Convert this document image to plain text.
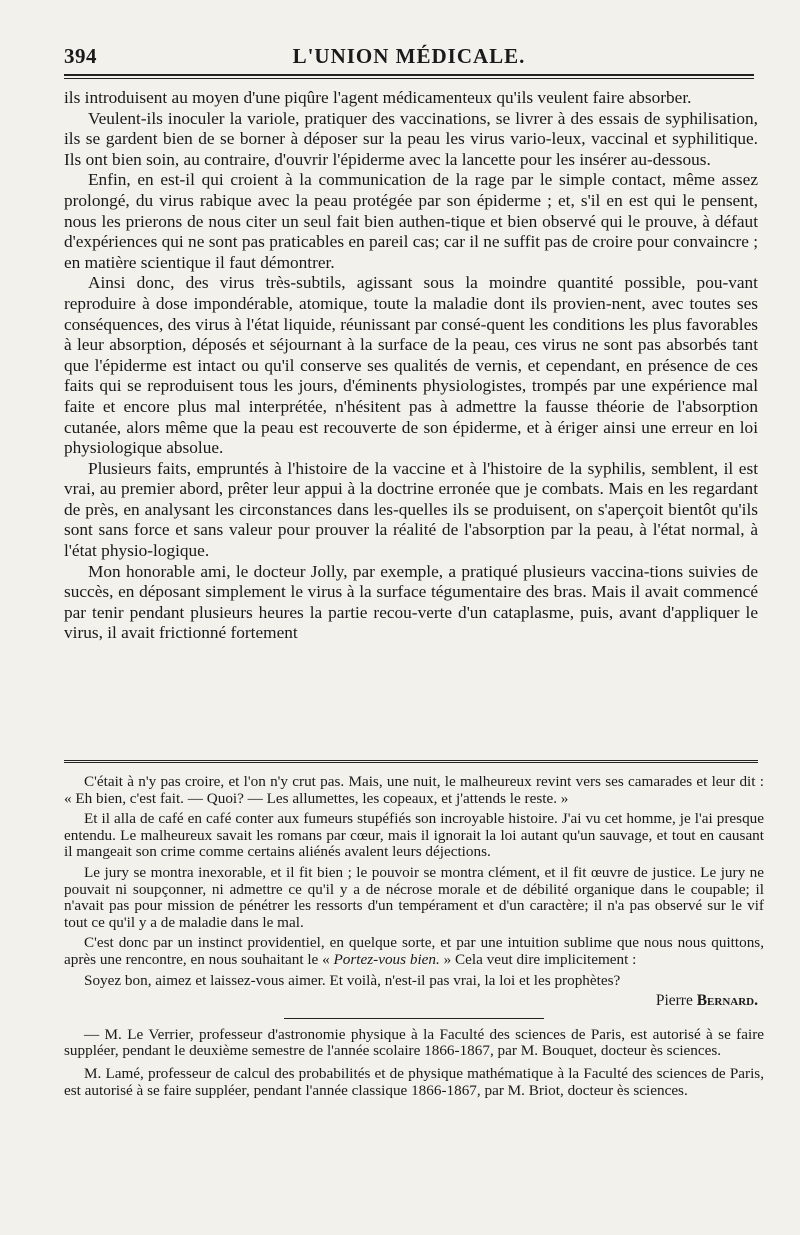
394	L'UNION MÉDICALE.

ils introduisent au moyen d'une piqûre l'agent médicamenteux qu'ils veulent faire absorber.

Veulent-ils inoculer la variole, pratiquer des vaccinations, se livrer à des essais de syphilisation, ils se gardent bien de se borner à déposer sur la peau les virus vario-leux, vaccinal et syphilitique. Ils ont bien soin, au contraire, d'ouvrir l'épiderme avec la lancette pour les insérer au-dessous.

Enfin, en est-il qui croient à la communication de la rage par le simple contact, même assez prolongé, du virus rabique avec la peau protégée par son épiderme ; et, s'il en est qui le pensent, nous les prierons de nous citer un seul fait bien authen-tique et bien observé qui le prouve, à défaut d'expériences qui ne sont pas praticables en pareil cas; car il ne suffit pas de croire pour convaincre ; en matière scientique il faut démontrer.

Ainsi donc, des virus très-subtils, agissant sous la moindre quantité possible, pou-vant reproduire à dose impondérable, atomique, toute la maladie dont ils provien-nent, avec toutes ses conséquences, des virus à l'état liquide, réunissant par consé-quent les conditions les plus favorables à leur absorption, déposés et séjournant à la surface de la peau, ces virus ne sont pas absorbés tant que l'épiderme est intact ou qu'il conserve ses qualités de vernis, et cependant, en présence de ces faits qui se reproduisent tous les jours, d'éminents physiologistes, trompés par une expérience mal faite et encore plus mal interprétée, n'hésitent pas à admettre la fausse théorie de l'absorption cutanée, alors même que la peau est recouverte de son épiderme, et à ériger ainsi une erreur en loi physiologique absolue.

Plusieurs faits, empruntés à l'histoire de la vaccine et à l'histoire de la syphilis, semblent, il est vrai, au premier abord, prêter leur appui à la doctrine erronée que je combats. Mais en les regardant de près, en analysant les circonstances dans les-quelles ils se produisent, on s'aperçoit bientôt qu'ils sont sans force et sans valeur pour prouver la réalité de l'absorption par la peau, à l'état normal, à l'état physio-logique.

Mon honorable ami, le docteur Jolly, par exemple, a pratiqué plusieurs vaccina-tions suivies de succès, en déposant simplement le virus à la surface tégumentaire des bras. Mais il avait commencé par tenir pendant plusieurs heures la partie recou-verte d'un cataplasme, puis, avant d'appliquer le virus, il avait frictionné fortement

C'était à n'y pas croire, et l'on n'y crut pas. Mais, une nuit, le malheureux revint vers ses camarades et leur dit : « Eh bien, c'est fait. — Quoi? — Les allumettes, les copeaux, et j'attends le reste. »

Et il alla de café en café conter aux fumeurs stupéfiés son incroyable histoire. J'ai vu cet homme, je l'ai presque entendu. Le malheureux savait les romans par cœur, mais il ignorait la loi autant qu'un sauvage, et tout en causant il mangeait son crime comme certains aliénés avalent leurs déjections.

Le jury se montra inexorable, et il fit bien ; le pouvoir se montra clément, et il fit œuvre de justice. Le jury ne pouvait ni soupçonner, ni admettre ce qu'il y a de nécrose morale et de débilité organique dans le coupable; il n'avait pas pour mission de pénétrer les ressorts d'un tempérament et d'un caractère; il n'a pas observé sur le vif tout ce qu'il y a de maladie dans le mal.

C'est donc par un instinct providentiel, en quelque sorte, et par une intuition sublime que nous nous quittons, après une rencontre, en nous souhaitant le « Portez-vous bien. » Cela veut dire implicitement :

Soyez bon, aimez et laissez-vous aimer. Et voilà, n'est-il pas vrai, la loi et les prophètes?

Pierre Bernard.

— M. Le Verrier, professeur d'astronomie physique à la Faculté des sciences de Paris, est autorisé à se faire suppléer, pendant le deuxième semestre de l'année scolaire 1866-1867, par M. Bouquet, docteur ès sciences.

M. Lamé, professeur de calcul des probabilités et de physique mathématique à la Faculté des sciences de Paris, est autorisé à se faire suppléer, pendant l'année classique 1866-1867, par M. Briot, docteur ès sciences.
